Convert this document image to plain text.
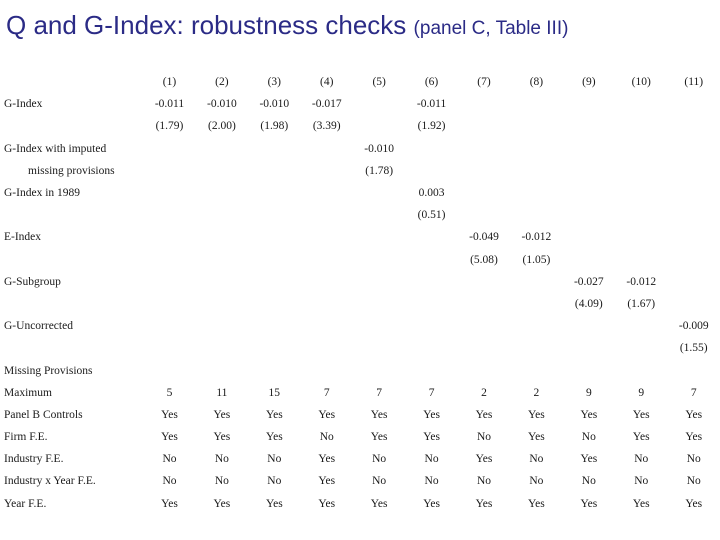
Q and G-Index: robustness checks (panel C, Table III)
	(1)	(2)	(3)	(4)	(5)	(6)	(7)	(8)	(9)	(10)	(11)
G-Index	-0.011	-0.010	-0.010	-0.017		-0.011					
	(1.79)	(2.00)	(1.98)	(3.39)		(1.92)					
G-Index with imputed					-0.010						
missing provisions					(1.78)						
G-Index in 1989						0.003					
						(0.51)					
E-Index							-0.049	-0.012			
							(5.08)	(1.05)			
G-Subgroup									-0.027	-0.012	
									(4.09)	(1.67)	
G-Uncorrected											-0.009
											(1.55)
Missing Provisions											
Maximum	5	11	15	7	7	7	2	2	9	9	7
Panel B Controls	Yes	Yes	Yes	Yes	Yes	Yes	Yes	Yes	Yes	Yes	Yes
Firm F.E.	Yes	Yes	Yes	No	Yes	Yes	No	Yes	No	Yes	Yes
Industry F.E.	No	No	No	Yes	No	No	Yes	No	Yes	No	No
Industry x Year F.E.	No	No	No	Yes	No	No	No	No	No	No	No
Year F.E.	Yes	Yes	Yes	Yes	Yes	Yes	Yes	Yes	Yes	Yes	Yes
